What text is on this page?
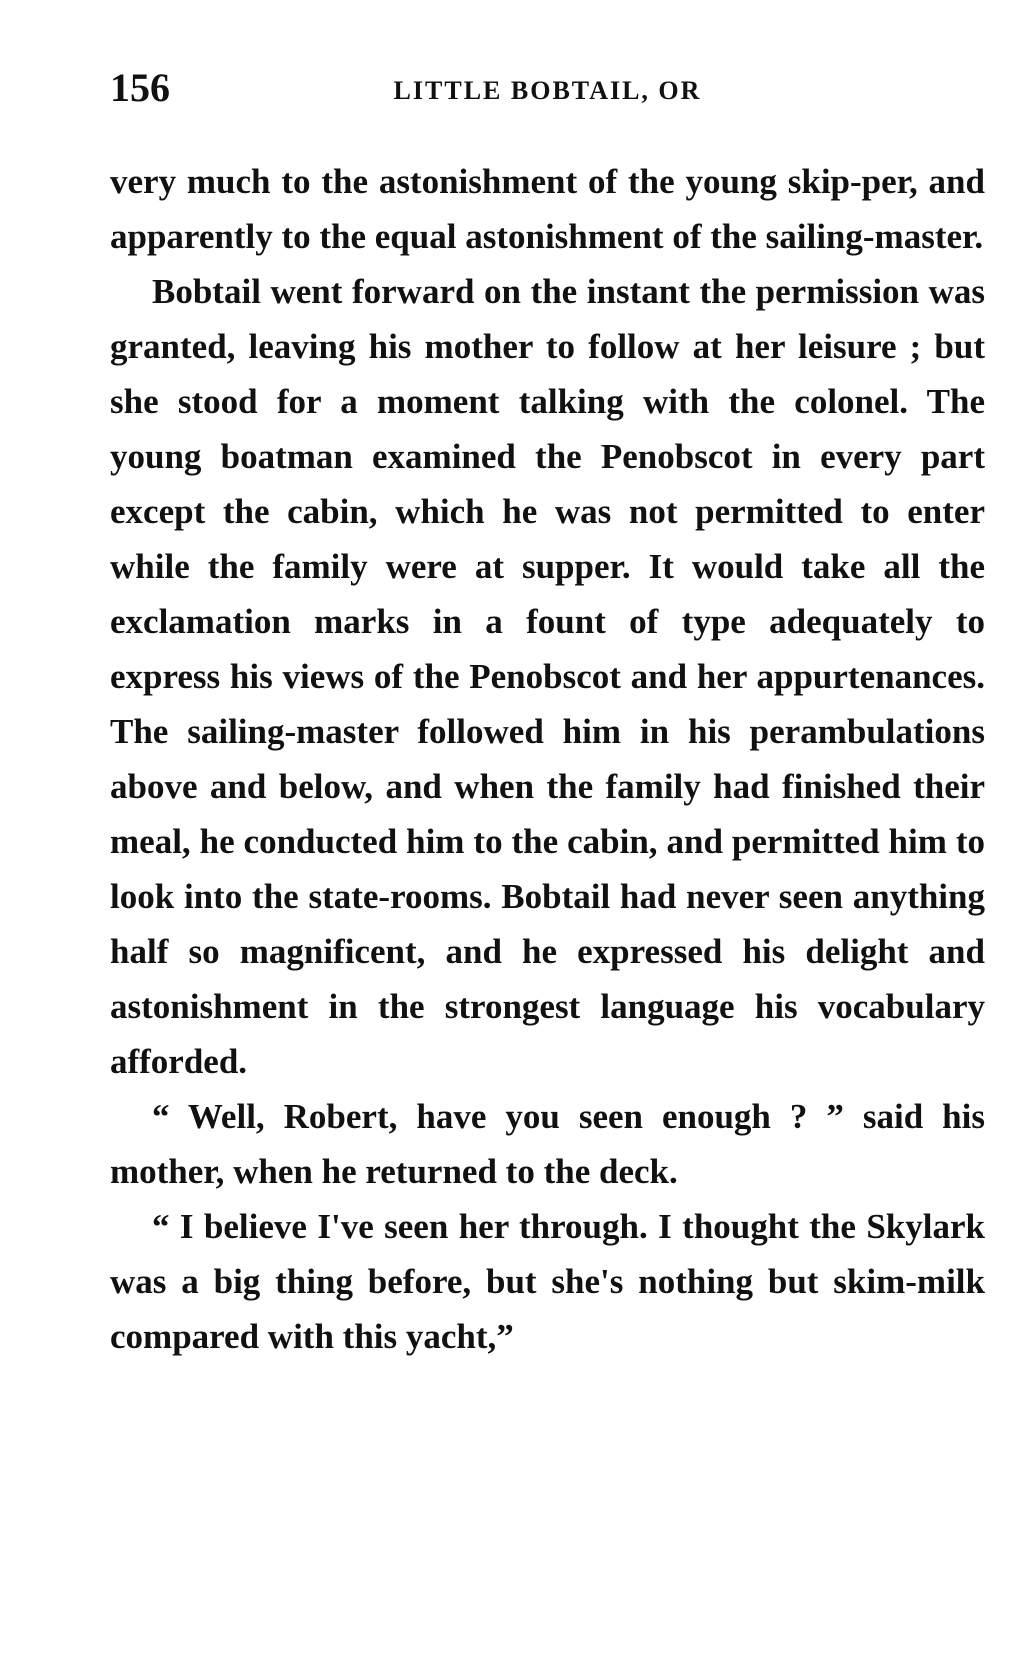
156	LITTLE BOBTAIL, OR

very much to the astonishment of the young skip-per, and apparently to the equal astonishment of the sailing-master.

Bobtail went forward on the instant the permission was granted, leaving his mother to follow at her leisure ; but she stood for a moment talking with the colonel. The young boatman examined the Penobscot in every part except the cabin, which he was not permitted to enter while the family were at supper. It would take all the exclamation marks in a fount of type adequately to express his views of the Penobscot and her appurtenances. The sailing-master followed him in his perambulations above and below, and when the family had finished their meal, he conducted him to the cabin, and permitted him to look into the state-rooms. Bobtail had never seen anything half so magnificent, and he expressed his delight and astonishment in the strongest language his vocabulary afforded.

“ Well, Robert, have you seen enough ? ” said his mother, when he returned to the deck.

“ I believe I've seen her through. I thought the Skylark was a big thing before, but she's nothing but skim-milk compared with this yacht,”
